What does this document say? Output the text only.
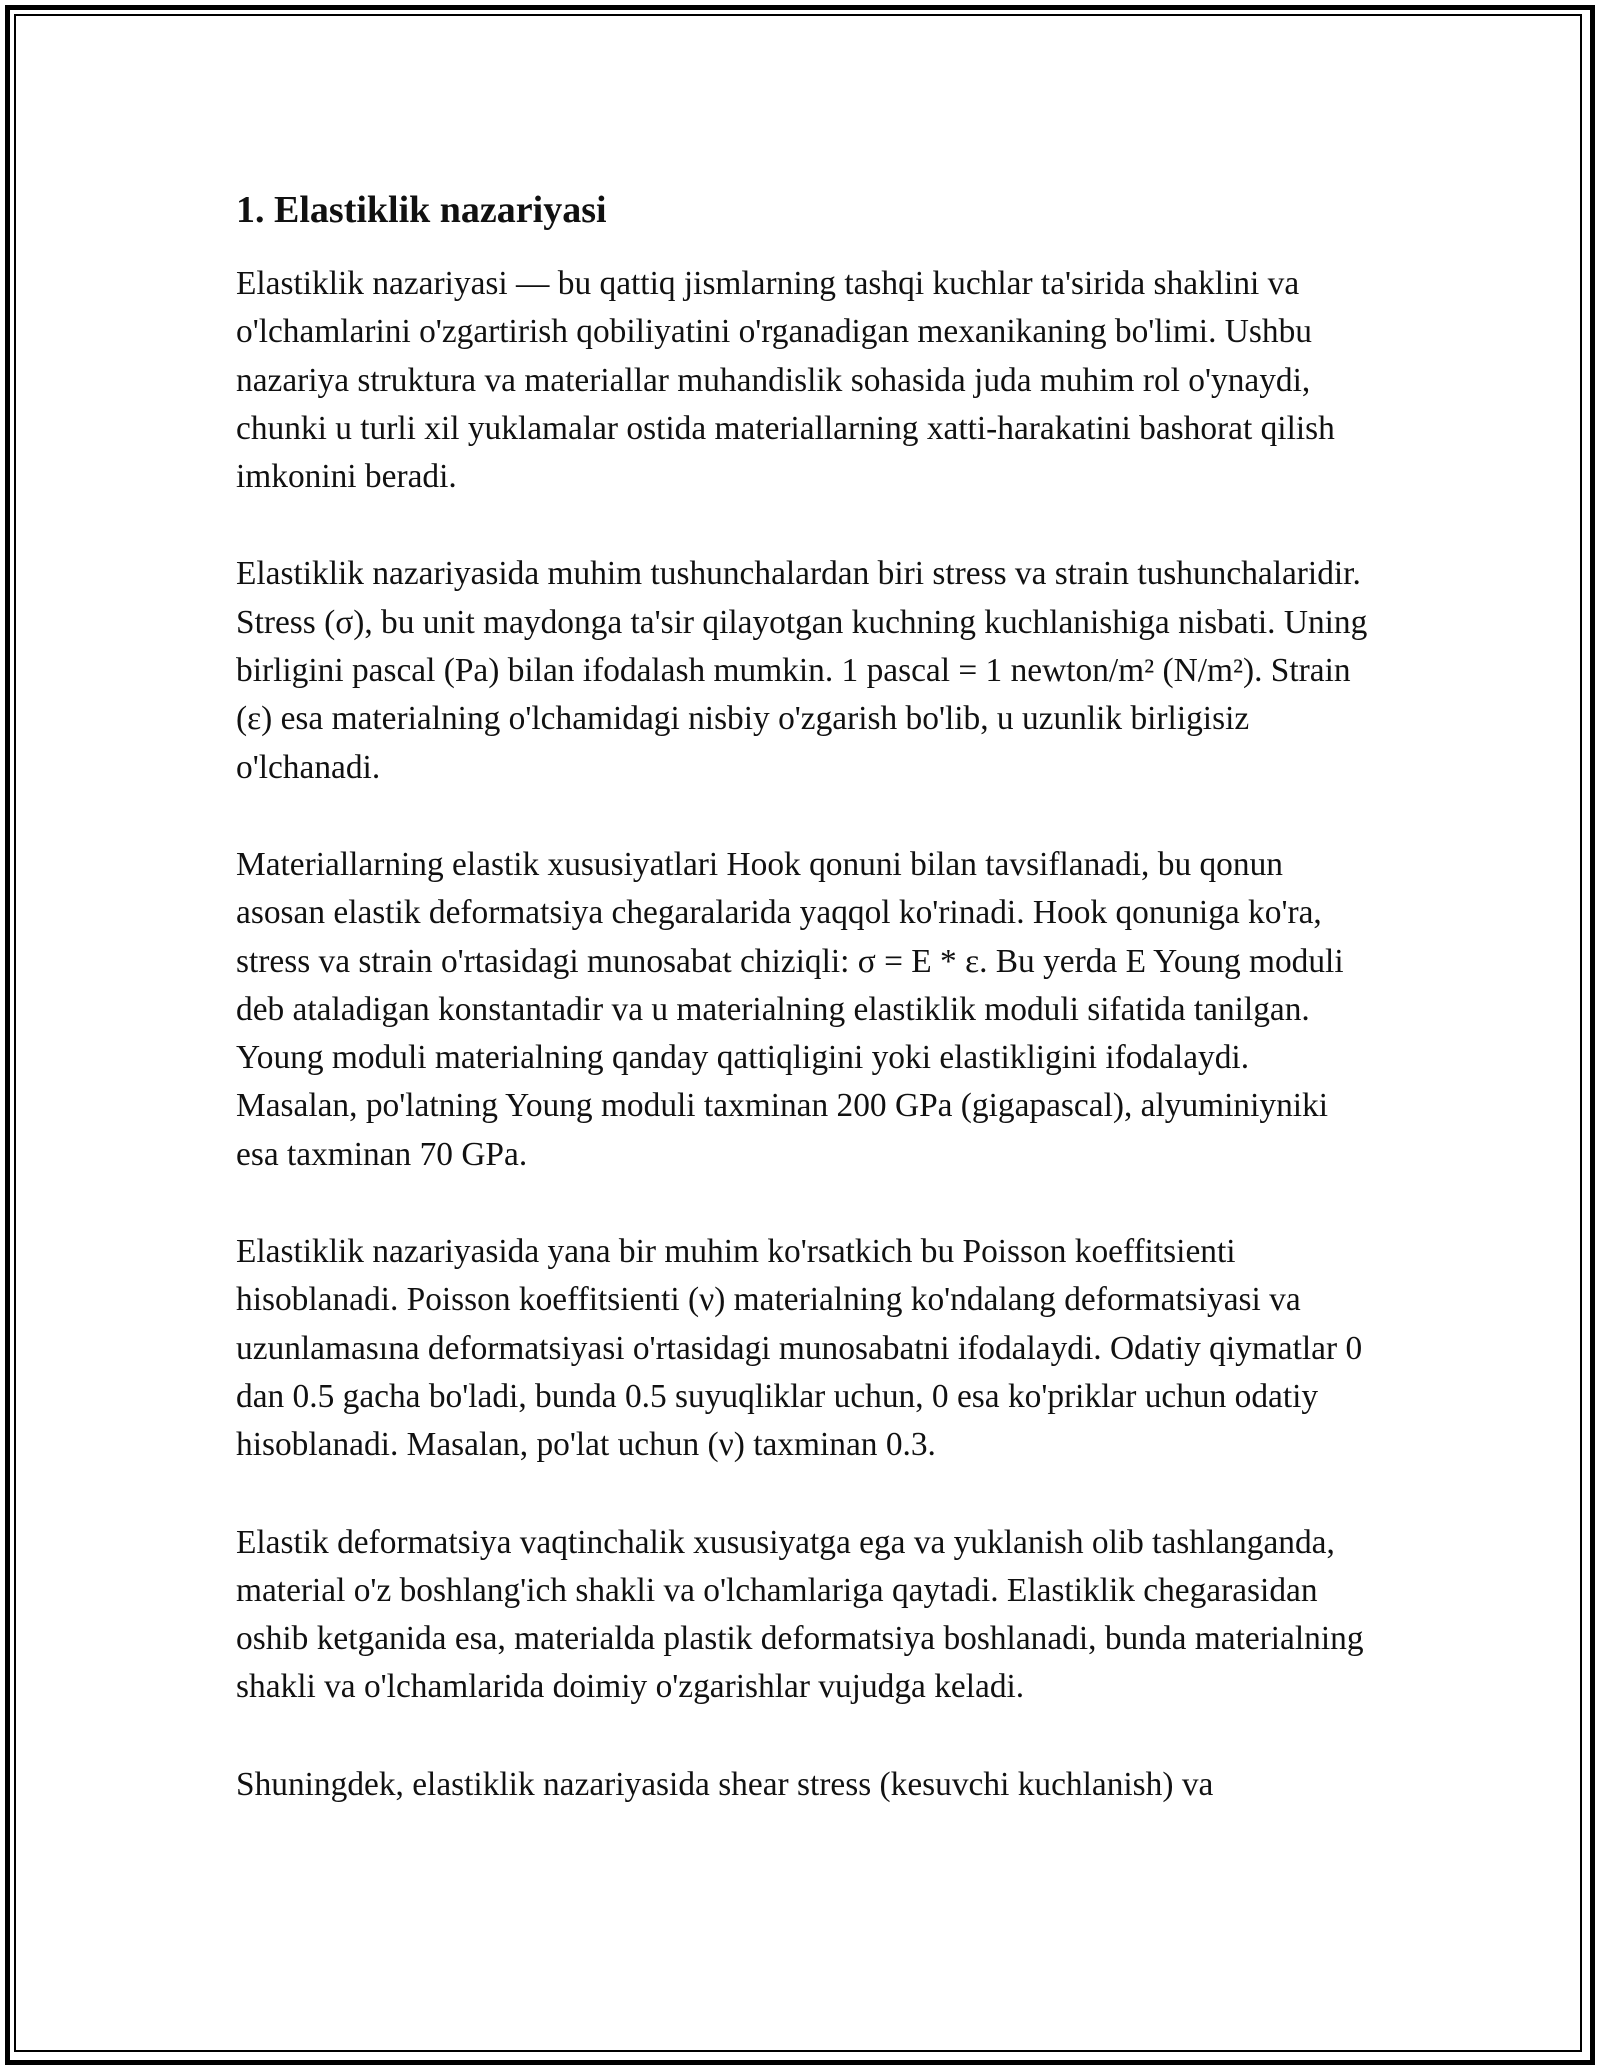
1. Elastiklik nazariyasi

Elastiklik nazariyasi — bu qattiq jismlarning tashqi kuchlar ta'sirida shaklini va o'lchamlarini o'zgartirish qobiliyatini o'rganadigan mexanikaning bo'limi. Ushbu nazariya struktura va materiallar muhandislik sohasida juda muhim rol o'ynaydi, chunki u turli xil yuklamalar ostida materiallarning xatti-harakatini bashorat qilish imkonini beradi.

Elastiklik nazariyasida muhim tushunchalardan biri stress va strain tushunchalaridir. Stress (σ), bu unit maydonga ta'sir qilayotgan kuchning kuchlanishiga nisbati. Uning birligini pascal (Pa) bilan ifodalash mumkin. 1 pascal = 1 newton/m² (N/m²). Strain (ε) esa materialning o'lchamidagi nisbiy o'zgarish bo'lib, u uzunlik birligisiz o'lchanadi.

Materiallarning elastik xususiyatlari Hook qonuni bilan tavsiflanadi, bu qonun asosan elastik deformatsiya chegaralarida yaqqol ko'rinadi. Hook qonuniga ko'ra, stress va strain o'rtasidagi munosabat chiziqli: σ = E * ε. Bu yerda E Young moduli deb ataladigan konstantadir va u materialning elastiklik moduli sifatida tanilgan. Young moduli materialning qanday qattiqligini yoki elastikligini ifodalaydi. Masalan, po'latning Young moduli taxminan 200 GPa (gigapascal), alyuminiyniki esa taxminan 70 GPa.

Elastiklik nazariyasida yana bir muhim ko'rsatkich bu Poisson koeffitsienti hisoblanadi. Poisson koeffitsienti (ν) materialning ko'ndalang deformatsiyasi va uzunlamasına deformatsiyasi o'rtasidagi munosabatni ifodalaydi. Odatiy qiymatlar 0 dan 0.5 gacha bo'ladi, bunda 0.5 suyuqliklar uchun, 0 esa ko'priklar uchun odatiy hisoblanadi. Masalan, po'lat uchun (ν) taxminan 0.3.

Elastik deformatsiya vaqtinchalik xususiyatga ega va yuklanish olib tashlanganda, material o'z boshlang'ich shakli va o'lchamlariga qaytadi. Elastiklik chegarasidan oshib ketganida esa, materialda plastik deformatsiya boshlanadi, bunda materialning shakli va o'lchamlarida doimiy o'zgarishlar vujudga keladi.

Shuningdek, elastiklik nazariyasida shear stress (kesuvchi kuchlanish) va
